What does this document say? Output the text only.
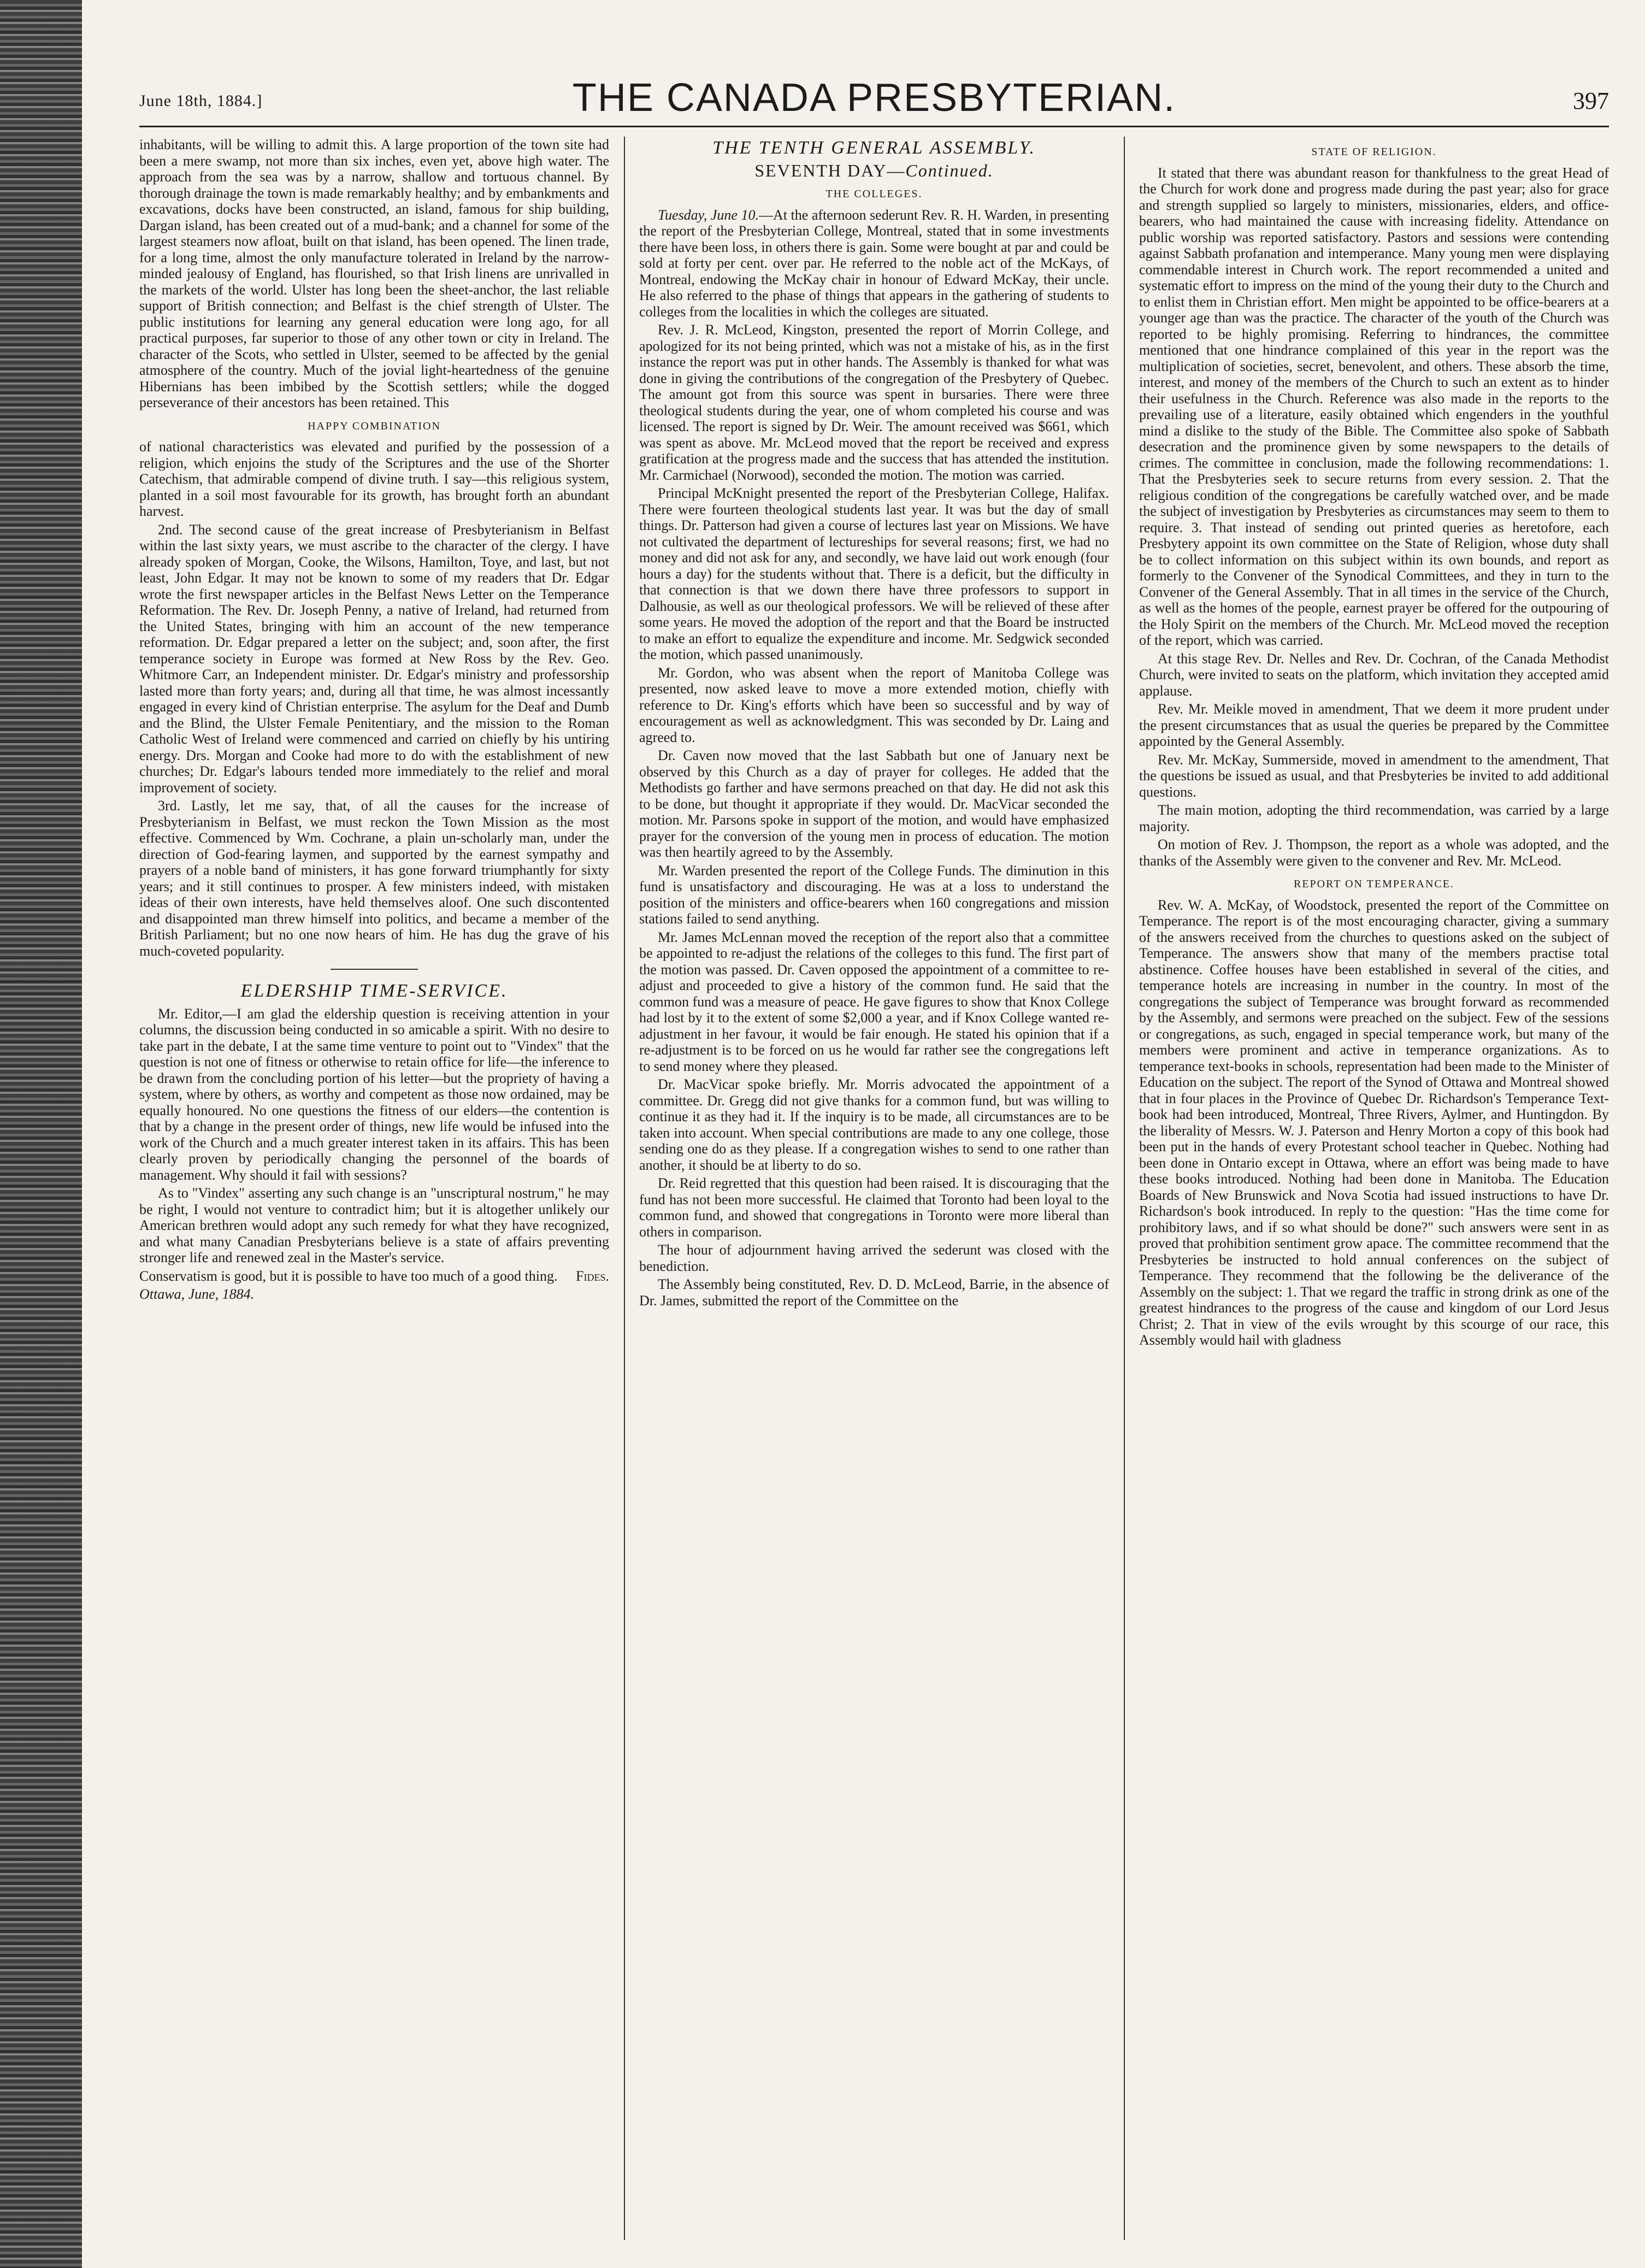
June 18th, 1884.]	THE CANADA PRESBYTERIAN.	397

inhabitants, will be willing to admit this. A large proportion of the town site had been a mere swamp, not more than six inches, even yet, above high water. The approach from the sea was by a narrow, shallow and tortuous channel. By thorough drainage the town is made remarkably healthy; and by embankments and excavations, docks have been constructed, an island, famous for ship building, Dargan island, has been created out of a mud-bank; and a channel for some of the largest steamers now afloat, built on that island, has been opened. The linen trade, for a long time, almost the only manufacture tolerated in Ireland by the narrow-minded jealousy of England, has flourished, so that Irish linens are unrivalled in the markets of the world. Ulster has long been the sheet-anchor, the last reliable support of British connection; and Belfast is the chief strength of Ulster. The public institutions for learning any general education were long ago, for all practical purposes, far superior to those of any other town or city in Ireland. The character of the Scots, who settled in Ulster, seemed to be affected by the genial atmosphere of the country. Much of the jovial light-heartedness of the genuine Hibernians has been imbibed by the Scottish settlers; while the dogged perseverance of their ancestors has been retained. This

HAPPY COMBINATION

of national characteristics was elevated and purified by the possession of a religion, which enjoins the study of the Scriptures and the use of the Shorter Catechism, that admirable compend of divine truth. I say—this religious system, planted in a soil most favourable for its growth, has brought forth an abundant harvest.

2nd. The second cause of the great increase of Presbyterianism in Belfast within the last sixty years, we must ascribe to the character of the clergy. I have already spoken of Morgan, Cooke, the Wilsons, Hamilton, Toye, and last, but not least, John Edgar. It may not be known to some of my readers that Dr. Edgar wrote the first newspaper articles in the Belfast News Letter on the Temperance Reformation. The Rev. Dr. Joseph Penny, a native of Ireland, had returned from the United States, bringing with him an account of the new temperance reformation. Dr. Edgar prepared a letter on the subject; and, soon after, the first temperance society in Europe was formed at New Ross by the Rev. Geo. Whitmore Carr, an Independent minister. Dr. Edgar's ministry and professorship lasted more than forty years; and, during all that time, he was almost incessantly engaged in every kind of Christian enterprise. The asylum for the Deaf and Dumb and the Blind, the Ulster Female Penitentiary, and the mission to the Roman Catholic West of Ireland were commenced and carried on chiefly by his untiring energy. Drs. Morgan and Cooke had more to do with the establishment of new churches; Dr. Edgar's labours tended more immediately to the relief and moral improvement of society.

3rd. Lastly, let me say, that, of all the causes for the increase of Presbyterianism in Belfast, we must reckon the Town Mission as the most effective. Commenced by Wm. Cochrane, a plain un-scholarly man, under the direction of God-fearing laymen, and supported by the earnest sympathy and prayers of a noble band of ministers, it has gone forward triumphantly for sixty years; and it still continues to prosper. A few ministers indeed, with mistaken ideas of their own interests, have held themselves aloof. One such discontented and disappointed man threw himself into politics, and became a member of the British Parliament; but no one now hears of him. He has dug the grave of his much-coveted popularity.

ELDERSHIP TIME-SERVICE.

Mr. Editor,—I am glad the eldership question is receiving attention in your columns, the discussion being conducted in so amicable a spirit. With no desire to take part in the debate, I at the same time venture to point out to "Vindex" that the question is not one of fitness or otherwise to retain office for life—the inference to be drawn from the concluding portion of his letter—but the propriety of having a system, where by others, as worthy and competent as those now ordained, may be equally honoured. No one questions the fitness of our elders—the contention is that by a change in the present order of things, new life would be infused into the work of the Church and a much greater interest taken in its affairs. This has been clearly proven by periodically changing the personnel of the boards of management. Why should it fail with sessions?

As to "Vindex" asserting any such change is an "unscriptural nostrum," he may be right, I would not venture to contradict him; but it is altogether unlikely our American brethren would adopt any such remedy for what they have recognized, and what many Canadian Presbyterians believe is a state of affairs preventing stronger life and renewed zeal in the Master's service.

Conservatism is good, but it is possible to have too much of a good thing. Fides.
Ottawa, June, 1884.
THE TENTH GENERAL ASSEMBLY.
SEVENTH DAY—Continued.
THE COLLEGES.

Tuesday, June 10.—At the afternoon sederunt Rev. R. H. Warden, in presenting the report of the Presbyterian College, Montreal, stated that in some investments there have been loss, in others there is gain. Some were bought at par and could be sold at forty per cent. over par. He referred to the noble act of the McKays, of Montreal, endowing the McKay chair in honour of Edward McKay, their uncle. He also referred to the phase of things that appears in the gathering of students to colleges from the localities in which the colleges are situated.

Rev. J. R. McLeod, Kingston, presented the report of Morrin College, and apologized for its not being printed, which was not a mistake of his, as in the first instance the report was put in other hands. The Assembly is thanked for what was done in giving the contributions of the congregation of the Presbytery of Quebec. The amount got from this source was spent in bursaries. There were three theological students during the year, one of whom completed his course and was licensed. The report is signed by Dr. Weir. The amount received was $661, which was spent as above. Mr. McLeod moved that the report be received and express gratification at the progress made and the success that has attended the institution. Mr. Carmichael (Norwood), seconded the motion. The motion was carried.

Principal McKnight presented the report of the Presbyterian College, Halifax. There were fourteen theological students last year. It was but the day of small things. Dr. Patterson had given a course of lectures last year on Missions. We have not cultivated the department of lectureships for several reasons; first, we had no money and did not ask for any, and secondly, we have laid out work enough (four hours a day) for the students without that. There is a deficit, but the difficulty in that connection is that we down there have three professors to support in Dalhousie, as well as our theological professors. We will be relieved of these after some years. He moved the adoption of the report and that the Board be instructed to make an effort to equalize the expenditure and income. Mr. Sedgwick seconded the motion, which passed unanimously.

Mr. Gordon, who was absent when the report of Manitoba College was presented, now asked leave to move a more extended motion, chiefly with reference to Dr. King's efforts which have been so successful and by way of encouragement as well as acknowledgment. This was seconded by Dr. Laing and agreed to.

Dr. Caven now moved that the last Sabbath but one of January next be observed by this Church as a day of prayer for colleges. He added that the Methodists go farther and have sermons preached on that day. He did not ask this to be done, but thought it appropriate if they would. Dr. MacVicar seconded the motion. Mr. Parsons spoke in support of the motion, and would have emphasized prayer for the conversion of the young men in process of education. The motion was then heartily agreed to by the Assembly.

Mr. Warden presented the report of the College Funds. The diminution in this fund is unsatisfactory and discouraging. He was at a loss to understand the position of the ministers and office-bearers when 160 congregations and mission stations failed to send anything.

Mr. James McLennan moved the reception of the report also that a committee be appointed to re-adjust the relations of the colleges to this fund. The first part of the motion was passed. Dr. Caven opposed the appointment of a committee to re-adjust and proceeded to give a history of the common fund. He said that the common fund was a measure of peace. He gave figures to show that Knox College had lost by it to the extent of some $2,000 a year, and if Knox College wanted re-adjustment in her favour, it would be fair enough. He stated his opinion that if a re-adjustment is to be forced on us he would far rather see the congregations left to send money where they pleased.

Dr. MacVicar spoke briefly. Mr. Morris advocated the appointment of a committee. Dr. Gregg did not give thanks for a common fund, but was willing to continue it as they had it. If the inquiry is to be made, all circumstances are to be taken into account. When special contributions are made to any one college, those sending one do as they please. If a congregation wishes to send to one rather than another, it should be at liberty to do so.

Dr. Reid regretted that this question had been raised. It is discouraging that the fund has not been more successful. He claimed that Toronto had been loyal to the common fund, and showed that congregations in Toronto were more liberal than others in comparison.

The hour of adjournment having arrived the sederunt was closed with the benediction.

The Assembly being constituted, Rev. D. D. McLeod, Barrie, in the absence of Dr. James, submitted the report of the Committee on the

STATE OF RELIGION.

It stated that there was abundant reason for thankfulness to the great Head of the Church for work done and progress made during the past year; also for grace and strength supplied so largely to ministers, missionaries, elders, and office-bearers, who had maintained the cause with increasing fidelity. Attendance on public worship was reported satisfactory. Pastors and sessions were contending against Sabbath profanation and intemperance. Many young men were displaying commendable interest in Church work. The report recommended a united and systematic effort to impress on the mind of the young their duty to the Church and to enlist them in Christian effort. Men might be appointed to be office-bearers at a younger age than was the practice. The character of the youth of the Church was reported to be highly promising. Referring to hindrances, the committee mentioned that one hindrance complained of this year in the report was the multiplication of societies, secret, benevolent, and others. These absorb the time, interest, and money of the members of the Church to such an extent as to hinder their usefulness in the Church. Reference was also made in the reports to the prevailing use of a literature, easily obtained which engenders in the youthful mind a dislike to the study of the Bible. The Committee also spoke of Sabbath desecration and the prominence given by some newspapers to the details of crimes. The committee in conclusion, made the following recommendations: 1. That the Presbyteries seek to secure returns from every session. 2. That the religious condition of the congregations be carefully watched over, and be made the subject of investigation by Presbyteries as circumstances may seem to them to require. 3. That instead of sending out printed queries as heretofore, each Presbytery appoint its own committee on the State of Religion, whose duty shall be to collect information on this subject within its own bounds, and report as formerly to the Convener of the Synodical Committees, and they in turn to the Convener of the General Assembly. That in all times in the service of the Church, as well as the homes of the people, earnest prayer be offered for the outpouring of the Holy Spirit on the members of the Church. Mr. McLeod moved the reception of the report, which was carried.

At this stage Rev. Dr. Nelles and Rev. Dr. Cochran, of the Canada Methodist Church, were invited to seats on the platform, which invitation they accepted amid applause.

Rev. Mr. Meikle moved in amendment, That we deem it more prudent under the present circumstances that as usual the queries be prepared by the Committee appointed by the General Assembly.

Rev. Mr. McKay, Summerside, moved in amendment to the amendment, That the questions be issued as usual, and that Presbyteries be invited to add additional questions.

The main motion, adopting the third recommendation, was carried by a large majority.

On motion of Rev. J. Thompson, the report as a whole was adopted, and the thanks of the Assembly were given to the convener and Rev. Mr. McLeod.

REPORT ON TEMPERANCE.

Rev. W. A. McKay, of Woodstock, presented the report of the Committee on Temperance. The report is of the most encouraging character, giving a summary of the answers received from the churches to questions asked on the subject of Temperance. The answers show that many of the members practise total abstinence. Coffee houses have been established in several of the cities, and temperance hotels are increasing in number in the country. In most of the congregations the subject of Temperance was brought forward as recommended by the Assembly, and sermons were preached on the subject. Few of the sessions or congregations, as such, engaged in special temperance work, but many of the members were prominent and active in temperance organizations. As to temperance text-books in schools, representation had been made to the Minister of Education on the subject. The report of the Synod of Ottawa and Montreal showed that in four places in the Province of Quebec Dr. Richardson's Temperance Text-book had been introduced, Montreal, Three Rivers, Aylmer, and Huntingdon. By the liberality of Messrs. W. J. Paterson and Henry Morton a copy of this book had been put in the hands of every Protestant school teacher in Quebec. Nothing had been done in Ontario except in Ottawa, where an effort was being made to have these books introduced. Nothing had been done in Manitoba. The Education Boards of New Brunswick and Nova Scotia had issued instructions to have Dr. Richardson's book introduced. In reply to the question: "Has the time come for prohibitory laws, and if so what should be done?" such answers were sent in as proved that prohibition sentiment grow apace. The committee recommend that the Presbyteries be instructed to hold annual conferences on the subject of Temperance. They recommend that the following be the deliverance of the Assembly on the subject: 1. That we regard the traffic in strong drink as one of the greatest hindrances to the progress of the cause and kingdom of our Lord Jesus Christ; 2. That in view of the evils wrought by this scourge of our race, this Assembly would hail with gladness
